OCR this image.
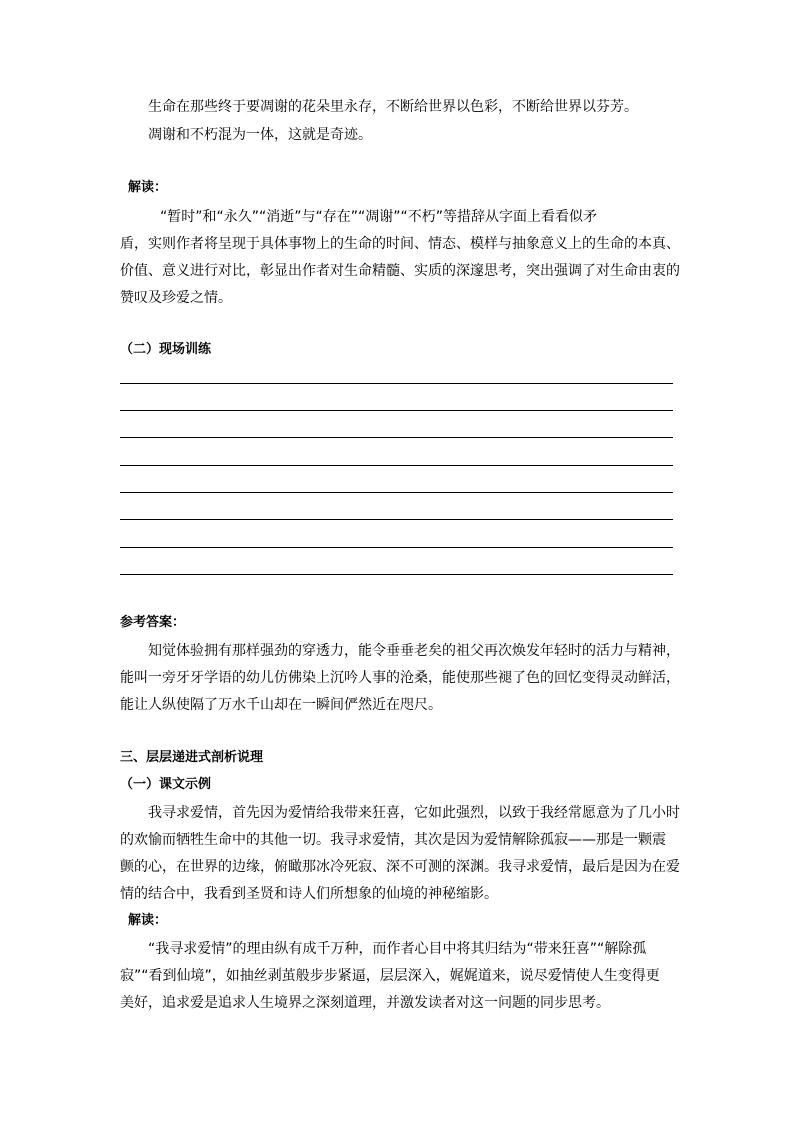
生命在那些终于要凋谢的花朵里永存，不断给世界以色彩，不断给世界以芬芳。
凋谢和不朽混为一体，这就是奇迹。
解读：
“暂时”和“永久”“消逝”与“存在”“凋谢”“不朽”等措辞从字面上看看似矛
盾，实则作者将呈现于具体事物上的生命的时间、情态、模样与抽象意义上的生命的本真、
价值、意义进行对比，彰显出作者对生命精髓、实质的深邃思考，突出强调了对生命由衷的
赞叹及珍爱之情。
（二）现场训练
参考答案：
知觉体验拥有那样强劲的穿透力，能令垂垂老矣的祖父再次焕发年轻时的活力与精神，
能叫一旁牙牙学语的幼儿仿佛染上沉吟人事的沧桑，能使那些褪了色的回忆变得灵动鲜活，
能让人纵使隔了万水千山却在一瞬间俨然近在咫尺。
三、层层递进式剖析说理
（一）课文示例
我寻求爱情，首先因为爱情给我带来狂喜，它如此强烈，以致于我经常愿意为了几小时
的欢愉而牺牲生命中的其他一切。我寻求爱情，其次是因为爱情解除孤寂——那是一颗震
颤的心，在世界的边缘，俯瞰那冰冷死寂、深不可测的深渊。我寻求爱情，最后是因为在爱
情的结合中，我看到圣贤和诗人们所想象的仙境的神秘缩影。
解读：
“我寻求爱情”的理由纵有成千万种，而作者心目中将其归结为“带来狂喜”“解除孤
寂”“看到仙境”，如抽丝剥茧般步步紧逼，层层深入，娓娓道来，说尽爱情使人生变得更
美好，追求爱是追求人生境界之深刻道理，并激发读者对这一问题的同步思考。
